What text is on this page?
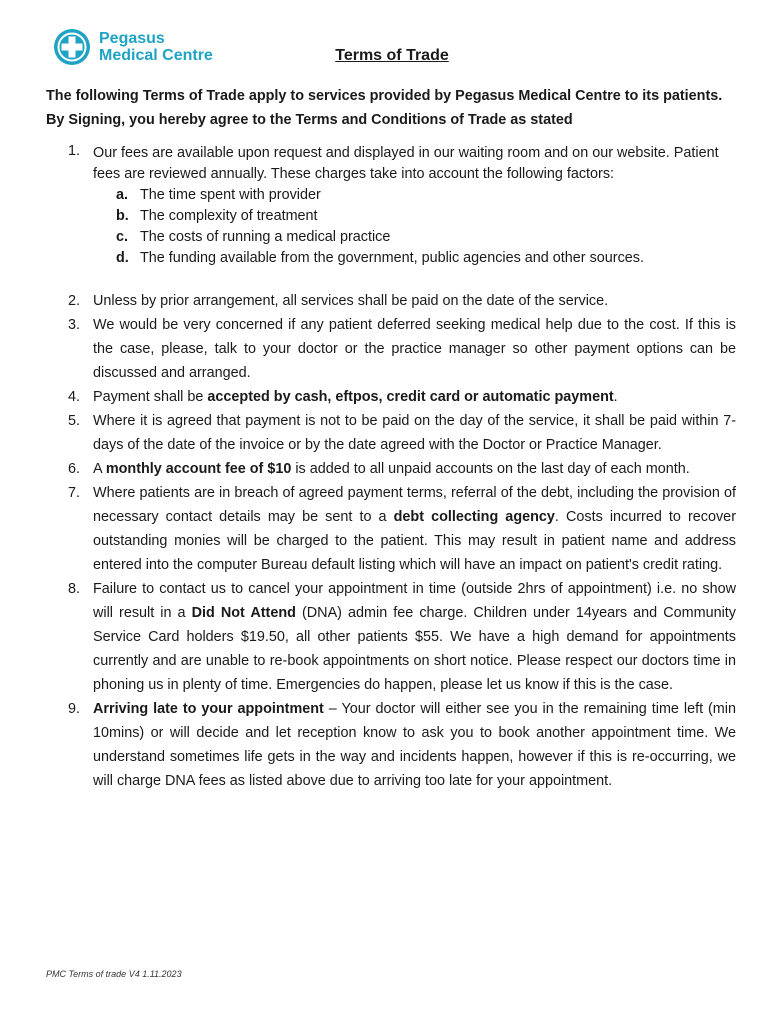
Pegasus
Medical Centre	Terms of Trade
The following Terms of Trade apply to services provided by Pegasus Medical Centre to its patients. By Signing, you hereby agree to the Terms and Conditions of Trade as stated
1. Our fees are available upon request and displayed in our waiting room and on our website. Patient fees are reviewed annually. These charges take into account the following factors:
a. The time spent with provider
b. The complexity of treatment
c. The costs of running a medical practice
d. The funding available from the government, public agencies and other sources.
2. Unless by prior arrangement, all services shall be paid on the date of the service.
3. We would be very concerned if any patient deferred seeking medical help due to the cost. If this is the case, please, talk to your doctor or the practice manager so other payment options can be discussed and arranged.
4. Payment shall be accepted by cash, eftpos, credit card or automatic payment.
5. Where it is agreed that payment is not to be paid on the day of the service, it shall be paid within 7-days of the date of the invoice or by the date agreed with the Doctor or Practice Manager.
6. A monthly account fee of $10 is added to all unpaid accounts on the last day of each month.
7. Where patients are in breach of agreed payment terms, referral of the debt, including the provision of necessary contact details may be sent to a debt collecting agency. Costs incurred to recover outstanding monies will be charged to the patient. This may result in patient name and address entered into the computer Bureau default listing which will have an impact on patient's credit rating.
8. Failure to contact us to cancel your appointment in time (outside 2hrs of appointment) i.e. no show will result in a Did Not Attend (DNA) admin fee charge. Children under 14years and Community Service Card holders $19.50, all other patients $55. We have a high demand for appointments currently and are unable to re-book appointments on short notice. Please respect our doctors time in phoning us in plenty of time. Emergencies do happen, please let us know if this is the case.
9. Arriving late to your appointment – Your doctor will either see you in the remaining time left (min 10mins) or will decide and let reception know to ask you to book another appointment time. We understand sometimes life gets in the way and incidents happen, however if this is re-occurring, we will charge DNA fees as listed above due to arriving too late for your appointment.
PMC Terms of trade V4 1.11.2023
